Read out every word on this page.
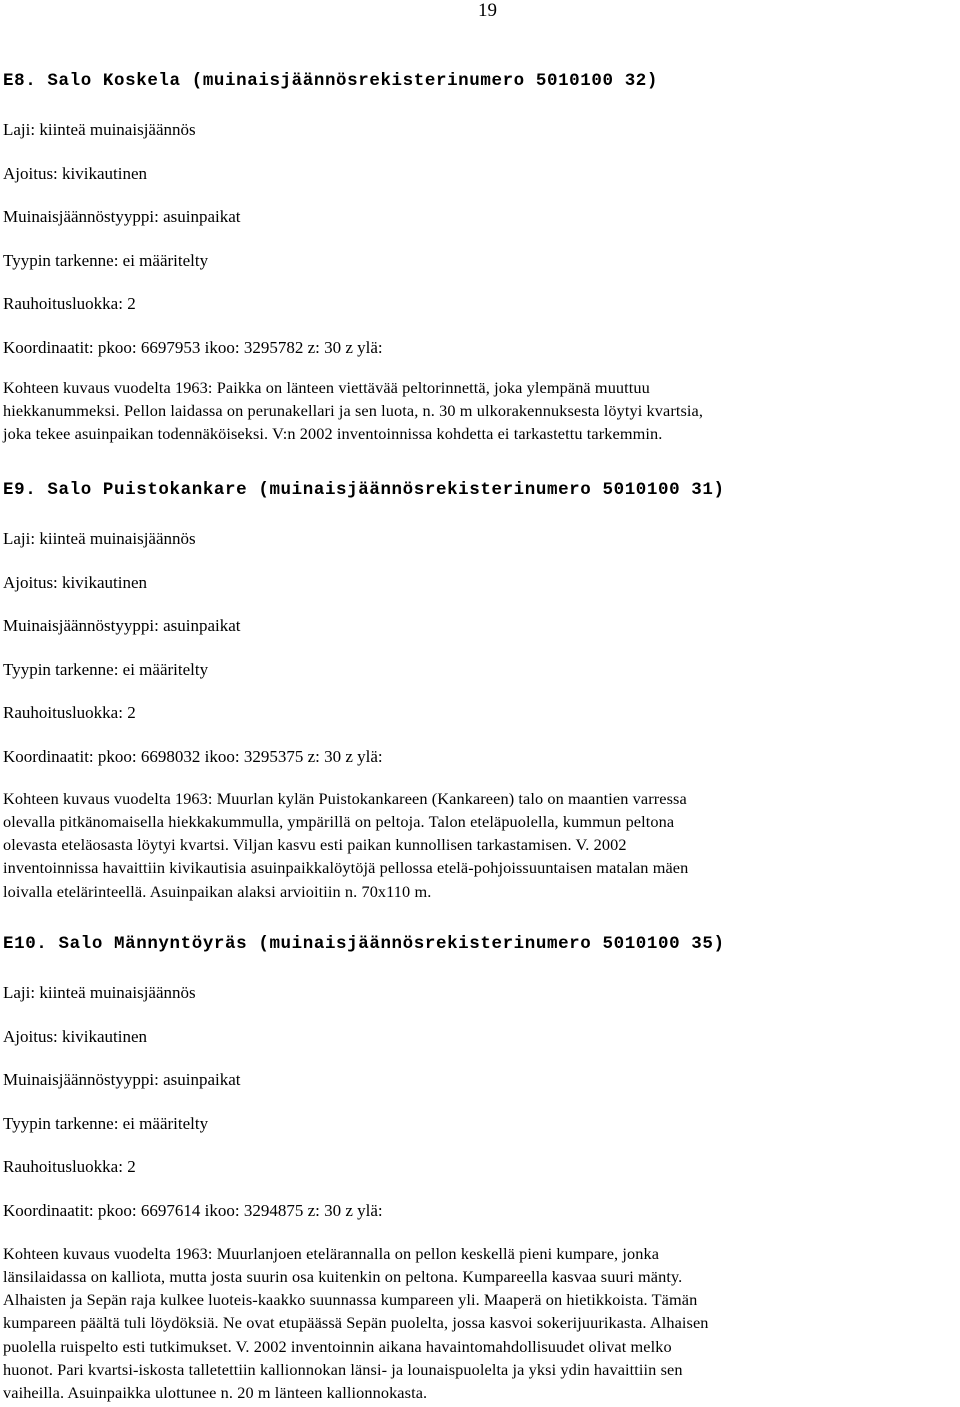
19
E8. Salo Koskela (muinaisjäännösrekisterinumero 5010100 32)

Laji: kiinteä muinaisjäännös

Ajoitus: kivikautinen

Muinaisjäännöstyyppi: asuinpaikat

Tyypin tarkenne: ei määritelty

Rauhoitusluokka: 2

Koordinaatit: pkoo: 6697953 ikoo: 3295782 z: 30 z ylä:

Kohteen kuvaus vuodelta 1963: Paikka on länteen viettävää peltorinnettä, joka ylempänä muuttuu
hiekkanummeksi. Pellon laidassa on perunakellari ja sen luota, n. 30 m ulkorakennuksesta löytyi kvartsia,
joka tekee asuinpaikan todennäköiseksi. V:n 2002 inventoinnissa kohdetta ei tarkastettu tarkemmin.
E9. Salo Puistokankare (muinaisjäännösrekisterinumero 5010100 31)

Laji: kiinteä muinaisjäännös

Ajoitus: kivikautinen

Muinaisjäännöstyyppi: asuinpaikat

Tyypin tarkenne: ei määritelty

Rauhoitusluokka: 2

Koordinaatit: pkoo: 6698032 ikoo: 3295375 z: 30 z ylä:

Kohteen kuvaus vuodelta 1963: Muurlan kylän Puistokankareen (Kankareen) talo on maantien varressa
olevalla pitkänomaisella hiekkakummulla, ympärillä on peltoja. Talon eteläpuolella, kummun peltona
olevasta eteläosasta löytyi kvartsi. Viljan kasvu esti paikan kunnollisen tarkastamisen. V. 2002
inventoinnissa havaittiin kivikautisia asuinpaikkalöytöjä pellossa etelä-pohjoissuuntaisen matalan mäen
loivalla etelärinteellä. Asuinpaikan alaksi arvioitiin n. 70x110 m.
E10. Salo Männyntöyräs (muinaisjäännösrekisterinumero 5010100 35)

Laji: kiinteä muinaisjäännös

Ajoitus: kivikautinen

Muinaisjäännöstyyppi: asuinpaikat

Tyypin tarkenne: ei määritelty

Rauhoitusluokka: 2

Koordinaatit: pkoo: 6697614 ikoo: 3294875 z: 30 z ylä:

Kohteen kuvaus vuodelta 1963: Muurlanjoen etelärannalla on pellon keskellä pieni kumpare, jonka
länsilaidassa on kalliota, mutta josta suurin osa kuitenkin on peltona. Kumpareella kasvaa suuri mänty.
Alhaisten ja Sepän raja kulkee luoteis-kaakko suunnassa kumpareen yli. Maaperä on hietikkoista. Tämän
kumpareen päältä tuli löydöksiä. Ne ovat etupäässä Sepän puolelta, jossa kasvoi sokerijuurikasta. Alhaisen
puolella ruispelto esti tutkimukset. V. 2002 inventoinnin aikana havaintomahdollisuudet olivat melko
huonot. Pari kvartsi-iskosta talletettiin kallionnokan länsi- ja lounaispuolelta ja yksi ydin havaittiin sen
vaiheilla. Asuinpaikka ulottunee n. 20 m länteen kallionnokasta.
